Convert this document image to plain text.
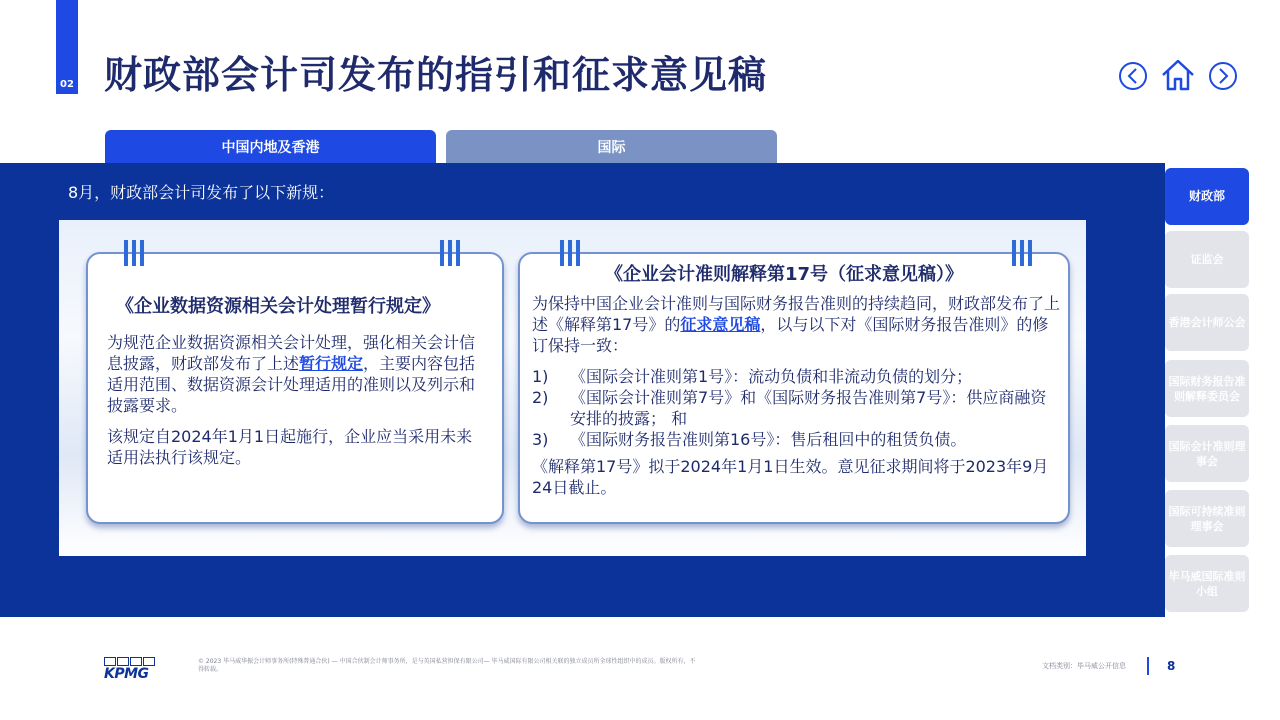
02 财政部会计司发布的指引和征求意见稿
中国内地及香港	国际
8月，财政部会计司发布了以下新规：
《企业数据资源相关会计处理暂行规定》

为规范企业数据资源相关会计处理，强化相关会计信息披露，财政部发布了上述暂行规定，主要内容包括适用范围、数据资源会计处理适用的准则以及列示和披露要求。

该规定自2024年1月1日起施行，企业应当采用未来适用法执行该规定。

《企业会计准则解释第17号（征求意见稿）》

为保持中国企业会计准则与国际财务报告准则的持续趋同，财政部发布了上述《解释第17号》的征求意见稿，以与以下对《国际财务报告准则》的修订保持一致：

1) 《国际会计准则第1号》：流动负债和非流动负债的划分；
2) 《国际会计准则第7号》和《国际财务报告准则第7号》：供应商融资安排的披露； 和
3) 《国际财务报告准则第16号》：售后租回中的租赁负债。

《解释第17号》拟于2024年1月1日生效。意见征求期间将于2023年9月24日截止。

财政部
证监会
香港会计师公会
国际财务报告准则解释委员会
国际会计准则理事会
国际可持续准则理事会
毕马威国际准则小组
KPMG
© 2023 毕马威华振会计师事务所(特殊普通合伙) — 中国合伙制会计师事务所，是与英国私营担保有限公司— 毕马威国际有限公司相关联的独立成员所全球性组织中的成员。版权所有，不得转载。	文档类别：毕马威公开信息	8
